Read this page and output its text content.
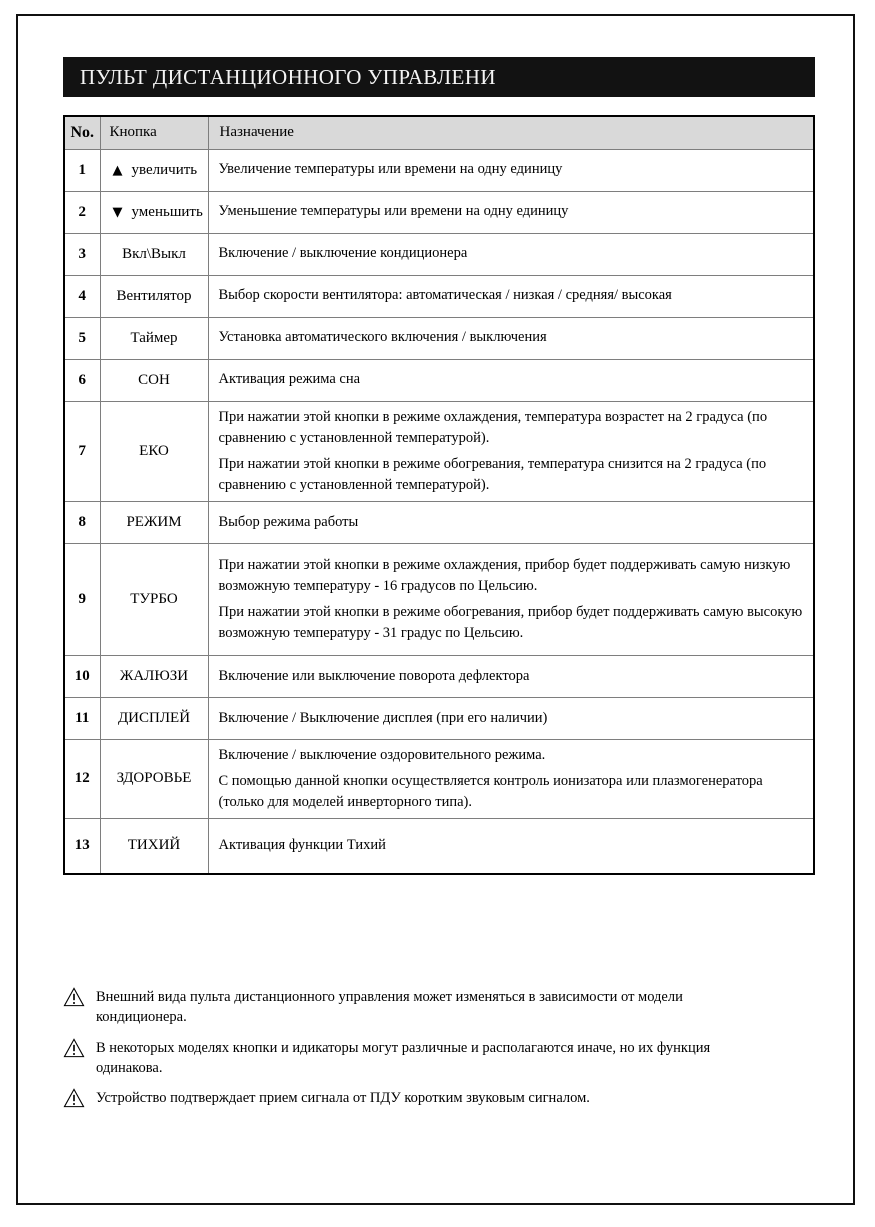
ПУЛЬТ ДИСТАНЦИОННОГО УПРАВЛЕНИ
No.	Кнопка	Назначение
1	▲ увеличить	Увеличение температуры или времени на одну единицу

2	▼ уменьшить	Уменьшение температуры или времени на одну единицу

3	Вкл\Выкл	Включение / выключение кондиционера

4	Вентилятор	Выбор скорости вентилятора: автоматическая / низкая / средняя/ высокая

5	Таймер	Установка автоматического включения / выключения

6	СОН	Активация режима сна

7	ЕКО	При нажатии этой кнопки в режиме охлаждения, температура возрастет на 2 градуса (по сравнению с установленной температурой).

При нажатии этой кнопки в режиме обогревания, температура снизится на 2 градуса (по сравнению с установленной температурой).

8	РЕЖИМ	Выбор режима работы

9	ТУРБО	При нажатии этой кнопки в режиме охлаждения, прибор будет поддерживать самую низкую возможную температуру - 16 градусов по Цельсию.

При нажатии этой кнопки в режиме обогревания, прибор будет поддерживать самую высокую возможную температуру - 31 градус по Цельсию.

10	ЖАЛЮЗИ	Включение или выключение поворота дефлектора

11	ДИСПЛЕЙ	Включение / Выключение дисплея (при его наличии)

12	ЗДОРОВЬЕ	Включение / выключение оздоровительного режима.

С помощью данной кнопки осуществляется контроль ионизатора или плазмогенератора (только для моделей инверторного типа).

13	ТИХИЙ	Активация функции Тихий

Внешний вида пульта дистанционного управления может изменяться в зависимости от модели кондиционера.
В некоторых моделях кнопки и идикаторы могут различные и располагаются иначе, но их функция одинакова.
Устройство подтверждает прием сигнала от ПДУ коротким звуковым сигналом.
